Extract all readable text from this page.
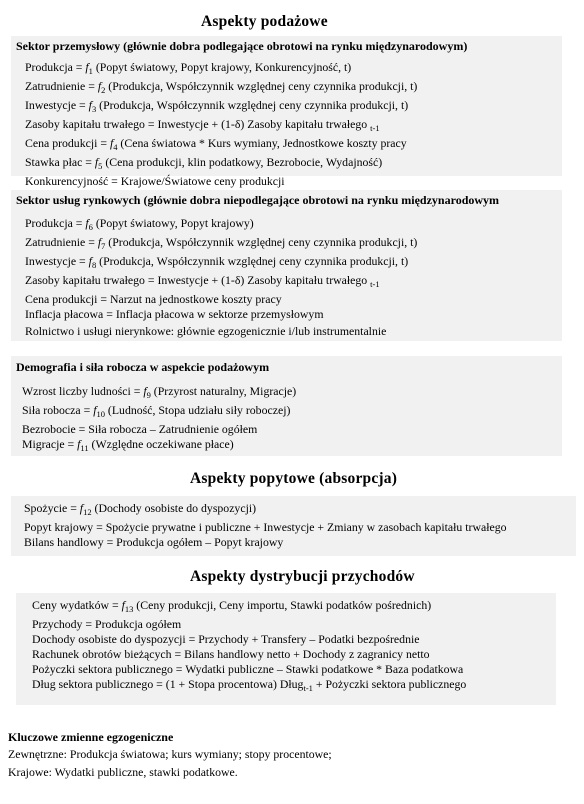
Aspekty podażowe
Sektor przemysłowy (głównie dobra podlegające obrotowi na rynku międzynarodowym)
Produkcja = $f_1$ (Popyt światowy, Popyt krajowy, Konkurencyjność, t)
Zatrudnienie = $f_2$ (Produkcja, Współczynnik względnej ceny czynnika produkcji, t)
Inwestycje = $f_3$ (Produkcja, Współczynnik względnej ceny czynnika produkcji, t)
Zasoby kapitału trwałego = Inwestycje + (1-δ) Zasoby kapitału trwałego $_{t-1}$
Cena produkcji = $f_4$ (Cena światowa * Kurs wymiany, Jednostkowe koszty pracy
Stawka płac = $f_5$ (Cena produkcji, klin podatkowy, Bezrobocie, Wydajność)
Konkurencyjność = Krajowe/Światowe ceny produkcji
Sektor usług rynkowych (głównie dobra niepodlegające obrotowi na rynku międzynarodowym
Produkcja = $f_6$ (Popyt światowy, Popyt krajowy)
Zatrudnienie = $f_7$ (Produkcja, Współczynnik względnej ceny czynnika produkcji, t)
Inwestycje = $f_8$ (Produkcja, Współczynnik względnej ceny czynnika produkcji, t)
Zasoby kapitału trwałego = Inwestycje + (1-δ) Zasoby kapitału trwałego $_{t-1}$
Cena produkcji = Narzut na jednostkowe koszty pracy
Inflacja płacowa = Inflacja płacowa w sektorze przemysłowym
Rolnictwo i usługi nierynkowe: głównie egzogenicznie i/lub instrumentalnie
Demografia i siła robocza w aspekcie podażowym
Wzrost liczby ludności = $f_9$ (Przyrost naturalny, Migracje)
Siła robocza = $f_{10}$ (Ludność, Stopa udziału siły roboczej)
Bezrobocie = Siła robocza – Zatrudnienie ogółem
Migracje = $f_{11}$ (Względne oczekiwane płace)
Aspekty popytowe (absorpcja)
Spożycie = $f_{12}$ (Dochody osobiste do dyspozycji)
Popyt krajowy = Spożycie prywatne i publiczne + Inwestycje + Zmiany w zasobach kapitału trwałego
Bilans handlowy = Produkcja ogółem – Popyt krajowy
Aspekty dystrybucji przychodów
Ceny wydatków = $f_{13}$ (Ceny produkcji, Ceny importu, Stawki podatków pośrednich)
Przychody = Produkcja ogółem
Dochody osobiste do dyspozycji = Przychody + Transfery – Podatki bezpośrednie
Rachunek obrotów bieżących = Bilans handlowy netto + Dochody z zagranicy netto
Pożyczki sektora publicznego = Wydatki publiczne – Stawki podatkowe * Baza podatkowa
Dług sektora publicznego = (1 + Stopa procentowa) Dług$_{t-1}$ + Pożyczki sektora publicznego
Kluczowe zmienne egzogeniczne
Zewnętrzne: Produkcja światowa; kurs wymiany; stopy procentowe;
Krajowe: Wydatki publiczne, stawki podatkowe.
